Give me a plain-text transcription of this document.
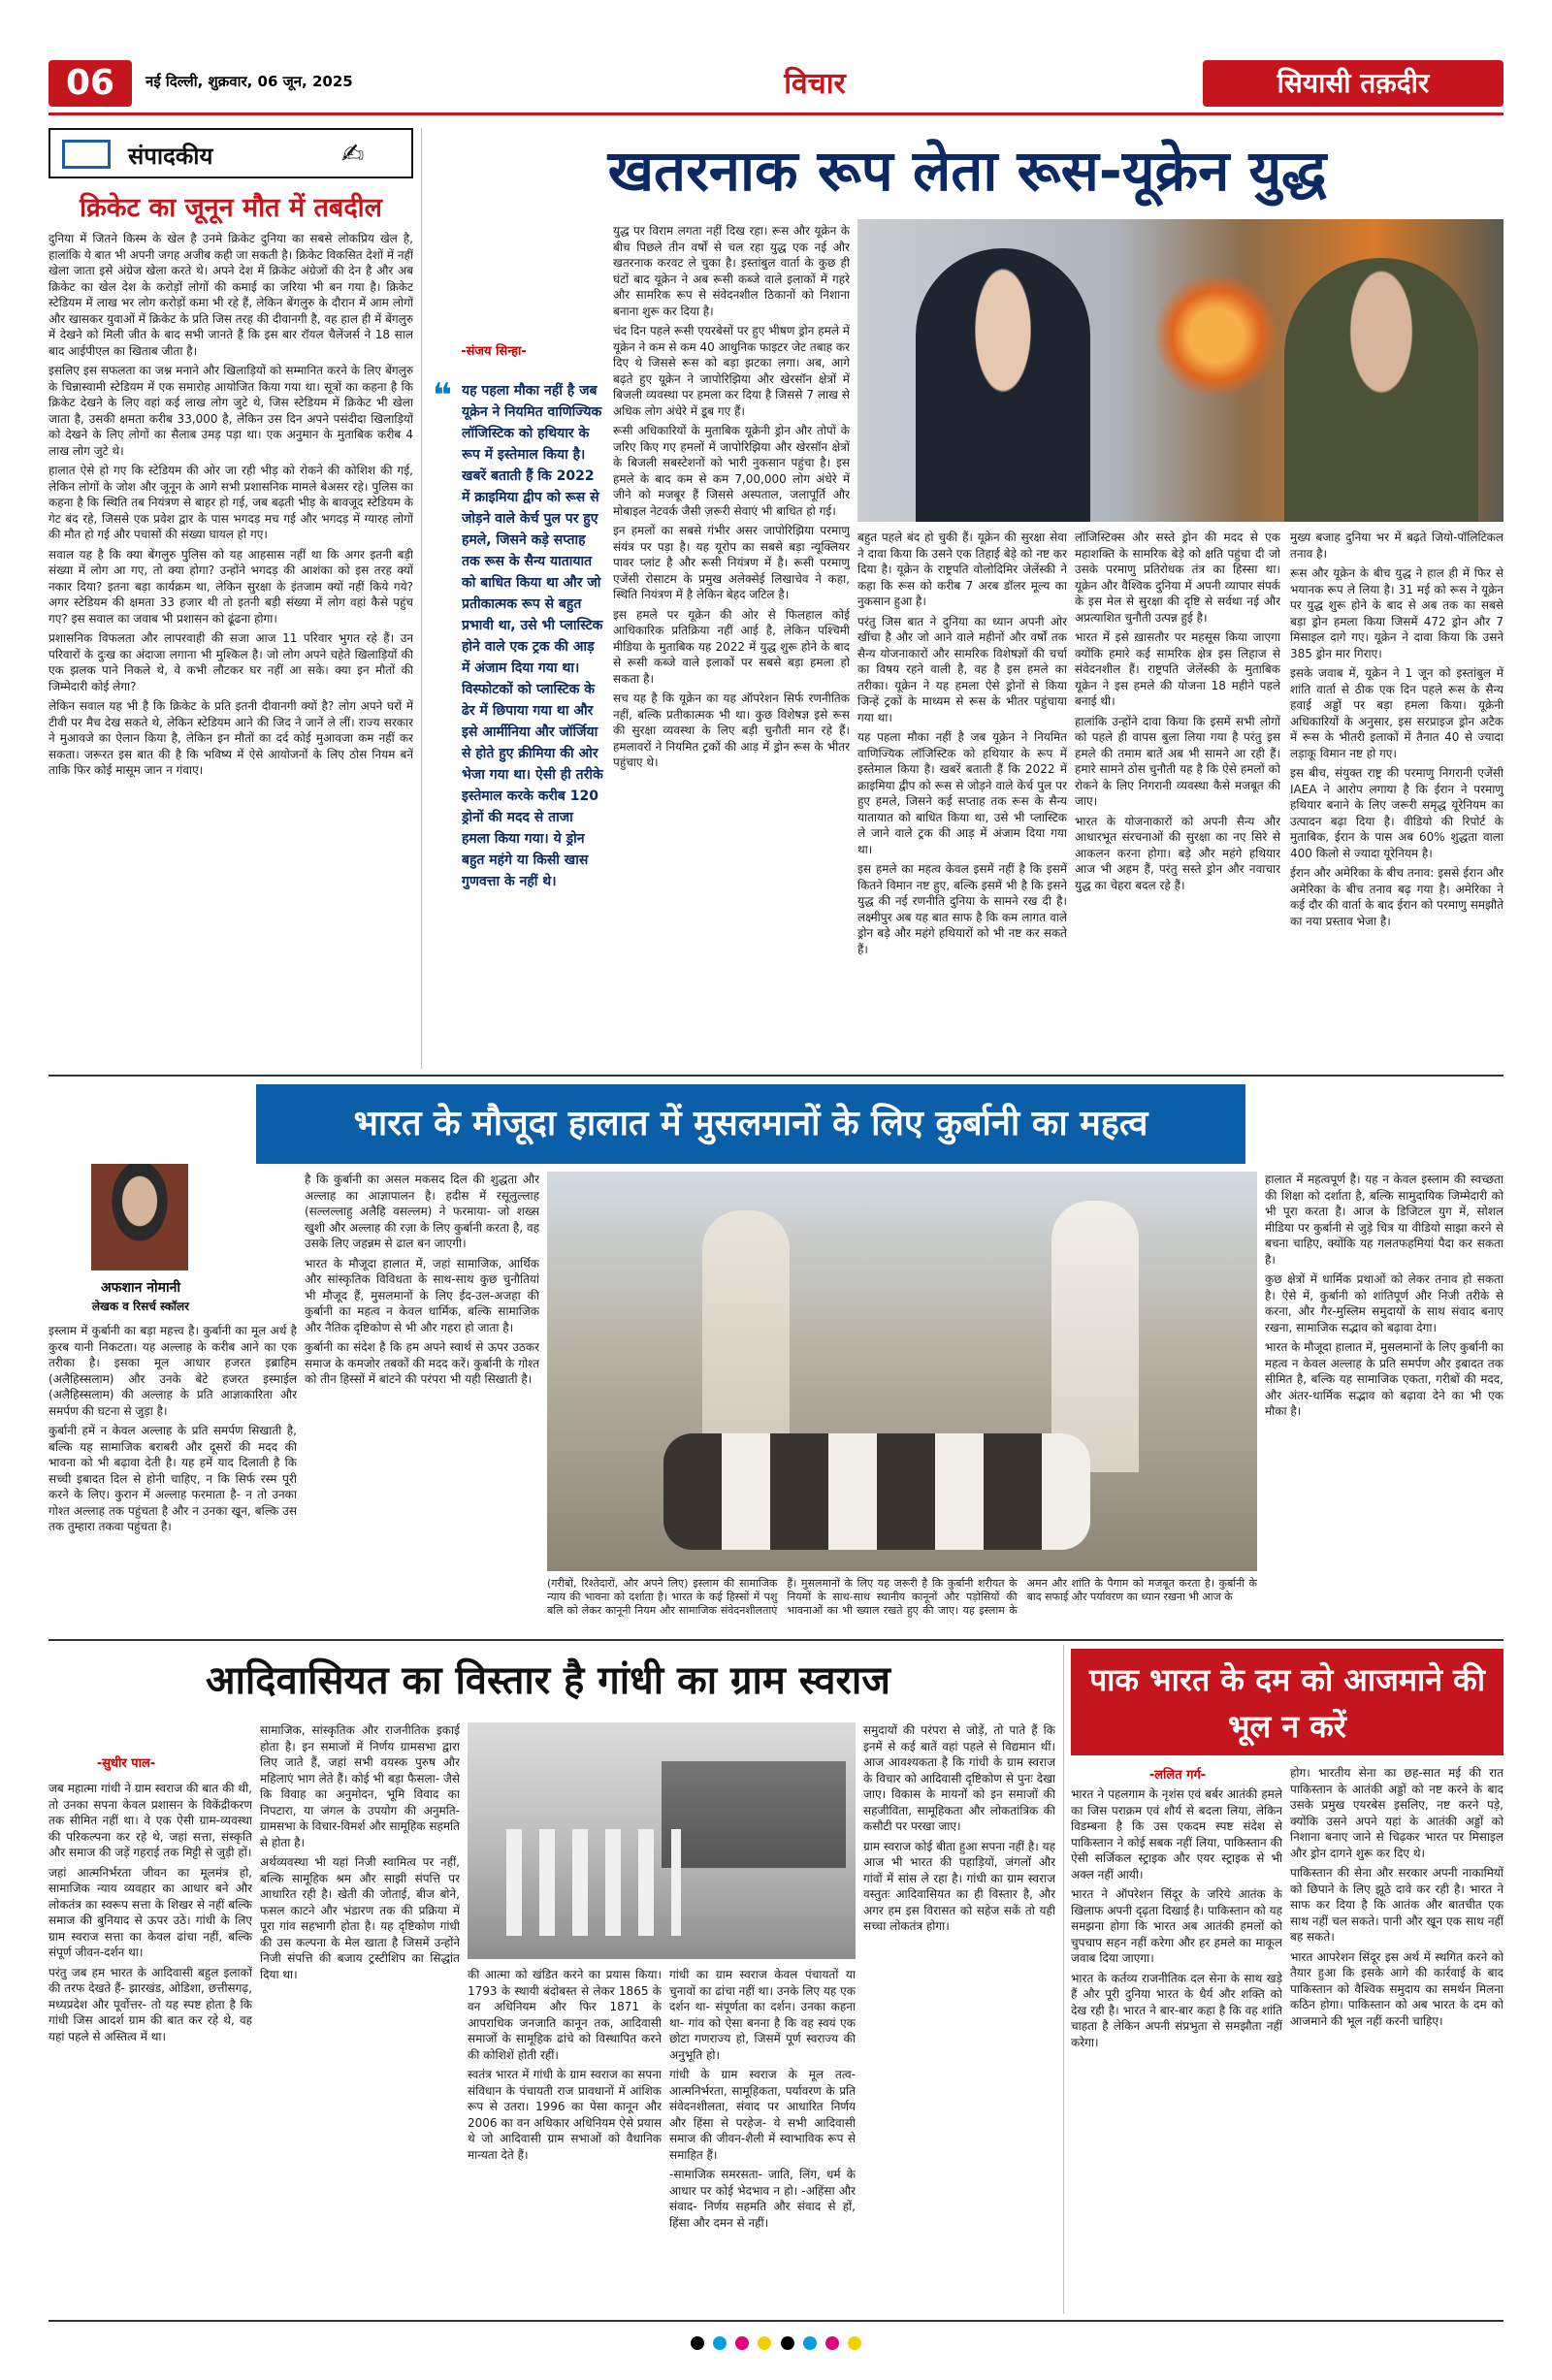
06	नई दिल्ली, शुक्रवार, 06 जून, 2025	विचार	सियासी तक़दीर
संपादकीय	✍
क्रिकेट का जूनून मौत में तबदील

दुनिया में जितने किस्म के खेल है उनमे क्रिकेट दुनिया का सबसे लोकप्रिय खेल है, हालांकि ये बात भी अपनी जगह अजीब कही जा सकती है। क्रिकेट विकसित देशों में नहीं खेला जाता इसे अंग्रेज खेला करते थे। अपने देश में क्रिकेट अंग्रेजों की देन है और अब क्रिकेट का खेल देश के करोड़ों लोगों की कमाई का जरिया भी बन गया है। क्रिकेट स्टेडियम में लाख भर लोग करोड़ों कमा भी रहे हैं, लेकिन बेंगलुरु के दौरान में आम लोगों और खासकर युवाओं में क्रिकेट के प्रति जिस तरह की दीवानगी है, वह हाल ही में बेंगलुरु में देखने को मिली जीत के बाद सभी जानते हैं कि इस बार रॉयल चैलेंजर्स ने 18 साल बाद आईपीएल का खिताब जीता है।

इसलिए इस सफलता का जश्न मनाने और खिलाड़ियों को सम्मानित करने के लिए बेंगलुरु के चिन्नास्वामी स्टेडियम में एक समारोह आयोजित किया गया था। सूत्रों का कहना है कि क्रिकेट देखने के लिए वहां कई लाख लोग जुटे थे, जिस स्टेडियम में क्रिकेट भी खेला जाता है, उसकी क्षमता करीब 33,000 है, लेकिन उस दिन अपने पसंदीदा खिलाड़ियों को देखने के लिए लोगों का सैलाब उमड़ पड़ा था। एक अनुमान के मुताबिक करीब 4 लाख लोग जुटे थे।

हालात ऐसे हो गए कि स्टेडियम की ओर जा रही भीड़ को रोकने की कोशिश की गई, लेकिन लोगों के जोश और जूनून के आगे सभी प्रशासनिक मामले बेअसर रहे। पुलिस का कहना है कि स्थिति तब नियंत्रण से बाहर हो गई, जब बढ़ती भीड़ के बावजूद स्टेडियम के गेट बंद रहे, जिससे एक प्रवेश द्वार के पास भगदड़ मच गई और भगदड़ में ग्यारह लोगों की मौत हो गई और पचासों की संख्या घायल हो गए।

सवाल यह है कि क्या बेंगलुरु पुलिस को यह आहसास नहीं था कि अगर इतनी बड़ी संख्या में लोग आ गए, तो क्या होगा? उन्होंने भगदड़ की आशंका को इस तरह क्यों नकार दिया? इतना बड़ा कार्यक्रम था, लेकिन सुरक्षा के इंतजाम क्यों नहीं किये गये? अगर स्टेडियम की क्षमता 33 हजार थी तो इतनी बड़ी संख्या में लोग वहां कैसे पहुंच गए? इस सवाल का जवाब भी प्रशासन को ढूंढना होगा।

प्रशासनिक विफलता और लापरवाही की सजा आज 11 परिवार भुगत रहे हैं। उन परिवारों के दुःख का अंदाजा लगाना भी मुश्किल है। जो लोग अपने चहेते खिलाड़ियों की एक झलक पाने निकले थे, वे कभी लौटकर घर नहीं आ सके। क्या इन मौतों की जिम्मेदारी कोई लेगा?

लेकिन सवाल यह भी है कि क्रिकेट के प्रति इतनी दीवानगी क्यों है? लोग अपने घरों में टीवी पर मैच देख सकते थे, लेकिन स्टेडियम आने की जिद ने जानें ले लीं। राज्य सरकार ने मुआवजे का ऐलान किया है, लेकिन इन मौतों का दर्द कोई मुआवजा कम नहीं कर सकता। जरूरत इस बात की है कि भविष्य में ऐसे आयोजनों के लिए ठोस नियम बनें ताकि फिर कोई मासूम जान न गंवाए।

खतरनाक रूप लेता रूस-यूक्रेन युद्ध
-संजय सिन्हा-
❝ यह पहला मौका नहीं है जब यूक्रेन ने नियमित वाणिज्यिक लॉजिस्टिक को हथियार के रूप में इस्तेमाल किया है। खबरें बताती हैं कि 2022 में क्राइमिया द्वीप को रूस से जोड़ने वाले केर्च पुल पर हुए हमले, जिसने कड़े सप्ताह तक रूस के सैन्य यातायात को बाधित किया था और जो प्रतीकात्मक रूप से बहुत प्रभावी था, उसे भी प्लास्टिक होने वाले एक ट्रक की आड़ में अंजाम दिया गया था। विस्फोटकों को प्लास्टिक के ढेर में छिपाया गया था और इसे आर्मीनिया और जॉर्जिया से होते हुए क्रीमिया की ओर भेजा गया था। ऐसी ही तरीके इस्तेमाल करके करीब 120 ड्रोनों की मदद से ताजा हमला किया गया। ये ड्रोन बहुत महंगे या किसी खास गुणवत्ता के नहीं थे।

युद्ध पर विराम लगता नहीं दिख रहा। रूस और यूक्रेन के बीच पिछले तीन वर्षों से चल रहा युद्ध एक नई और खतरनाक करवट ले चुका है। इस्तांबुल वार्ता के कुछ ही घंटों बाद यूक्रेन ने अब रूसी कब्जे वाले इलाकों में गहरे और सामरिक रूप से संवेदनशील ठिकानों को निशाना बनाना शुरू कर दिया है।

चंद दिन पहले रूसी एयरबेसों पर हुए भीषण ड्रोन हमले में यूक्रेन ने कम से कम 40 आधुनिक फाइटर जेट तबाह कर दिए थे जिससे रूस को बड़ा झटका लगा। अब, आगे बढ़ते हुए यूक्रेन ने जापोरिझिया और खेरसॉन क्षेत्रों में बिजली व्यवस्था पर हमला कर दिया है जिससे 7 लाख से अधिक लोग अंधेरे में डूब गए हैं।

रूसी अधिकारियों के मुताबिक यूक्रेनी ड्रोन और तोपों के जरिए किए गए हमलों में जापोरिझिया और खेरसॉन क्षेत्रों के बिजली सबस्टेशनों को भारी नुकसान पहुंचा है। इस हमले के बाद कम से कम 7,00,000 लोग अंधेरे में जीने को मजबूर हैं जिससे अस्पताल, जलापूर्ति और मोबाइल नेटवर्क जैसी ज़रूरी सेवाएं भी बाधित हो गई।

इन हमलों का सबसे गंभीर असर जापोरिझिया परमाणु संयंत्र पर पड़ा है। यह यूरोप का सबसे बड़ा न्यूक्लियर पावर प्लांट है और रूसी नियंत्रण में है। रूसी परमाणु एजेंसी रोसाटम के प्रमुख अलेक्सेई लिखाचेव ने कहा, स्थिति नियंत्रण में है लेकिन बेहद जटिल है।

इस हमले पर यूक्रेन की ओर से फिलहाल कोई आधिकारिक प्रतिक्रिया नहीं आई है, लेकिन पश्चिमी मीडिया के मुताबिक यह 2022 में युद्ध शुरू होने के बाद से रूसी कब्जे वाले इलाकों पर सबसे बड़ा हमला हो सकता है।

सच यह है कि यूक्रेन का यह ऑपरेशन सिर्फ रणनीतिक नहीं, बल्कि प्रतीकात्मक भी था। कुछ विशेषज्ञ इसे रूस की सुरक्षा व्यवस्था के लिए बड़ी चुनौती मान रहे हैं। हमलावरों ने नियमित ट्रकों की आड़ में ड्रोन रूस के भीतर पहुंचाए थे।

बहुत पहले बंद हो चुकी हैं। यूक्रेन की सुरक्षा सेवा ने दावा किया कि उसने एक तिहाई बेड़े को नष्ट कर दिया है। यूक्रेन के राष्ट्रपति वोलोदिमिर जेलेंस्की ने कहा कि रूस को करीब 7 अरब डॉलर मूल्य का नुकसान हुआ है।

परंतु जिस बात ने दुनिया का ध्यान अपनी ओर खींचा है और जो आने वाले महीनों और वर्षों तक सैन्य योजनाकारों और सामरिक विशेषज्ञों की चर्चा का विषय रहने वाली है, वह है इस हमले का तरीका। यूक्रेन ने यह हमला ऐसे ड्रोनों से किया जिन्हें ट्रकों के माध्यम से रूस के भीतर पहुंचाया गया था।

यह पहला मौका नहीं है जब यूक्रेन ने नियमित वाणिज्यिक लॉजिस्टिक को हथियार के रूप में इस्तेमाल किया है। खबरें बताती हैं कि 2022 में क्राइमिया द्वीप को रूस से जोड़ने वाले केर्च पुल पर हुए हमले, जिसने कई सप्ताह तक रूस के सैन्य यातायात को बाधित किया था, उसे भी प्लास्टिक ले जाने वाले ट्रक की आड़ में अंजाम दिया गया था।

इस हमले का महत्व केवल इसमें नहीं है कि इसमें कितने विमान नष्ट हुए, बल्कि इसमें भी है कि इसने युद्ध की नई रणनीति दुनिया के सामने रख दी है। लक्ष्मीपुर अब यह बात साफ है कि कम लागत वाले ड्रोन बड़े और महंगे हथियारों को भी नष्ट कर सकते हैं।

लॉजिस्टिक्स और सस्ते ड्रोन की मदद से एक महाशक्ति के सामरिक बेड़े को क्षति पहुंचा दी जो उसके परमाणु प्रतिरोधक तंत्र का हिस्सा था। यूक्रेन और वैश्विक दुनिया में अपनी व्यापार संपर्क के इस मेल से सुरक्षा की दृष्टि से सर्वथा नई और अप्रत्याशित चुनौती उत्पन्न हुई है।

भारत में इसे ख़ासतौर पर महसूस किया जाएगा क्योंकि हमारे कई सामरिक क्षेत्र इस लिहाज से संवेदनशील हैं। राष्ट्रपति जेलेंस्की के मुताबिक यूक्रेन ने इस हमले की योजना 18 महीने पहले बनाई थी।

हालांकि उन्होंने दावा किया कि इसमें सभी लोगों को पहले ही वापस बुला लिया गया है परंतु इस हमले की तमाम बातें अब भी सामने आ रही हैं। हमारे सामने ठोस चुनौती यह है कि ऐसे हमलों को रोकने के लिए निगरानी व्यवस्था कैसे मजबूत की जाए।

भारत के योजनाकारों को अपनी सैन्य और आधारभूत संरचनाओं की सुरक्षा का नए सिरे से आकलन करना होगा। बड़े और महंगे हथियार आज भी अहम हैं, परंतु सस्ते ड्रोन और नवाचार युद्ध का चेहरा बदल रहे हैं।

मुख्य बजाह दुनिया भर में बढ़ते जियो-पॉलिटिकल तनाव है।

रूस और यूक्रेन के बीच युद्ध ने हाल ही में फिर से भयानक रूप ले लिया है। 31 मई को रूस ने यूक्रेन पर युद्ध शुरू होने के बाद से अब तक का सबसे बड़ा ड्रोन हमला किया जिसमें 472 ड्रोन और 7 मिसाइल दागे गए। यूक्रेन ने दावा किया कि उसने 385 ड्रोन मार गिराए।

इसके जवाब में, यूक्रेन ने 1 जून को इस्तांबुल में शांति वार्ता से ठीक एक दिन पहले रूस के सैन्य हवाई अड्डों पर बड़ा हमला किया। यूक्रेनी अधिकारियों के अनुसार, इस सरप्राइज ड्रोन अटैक में रूस के भीतरी इलाकों में तैनात 40 से ज्यादा लड़ाकू विमान नष्ट हो गए।

इस बीच, संयुक्त राष्ट्र की परमाणु निगरानी एजेंसी IAEA ने आरोप लगाया है कि ईरान ने परमाणु हथियार बनाने के लिए जरूरी समृद्ध यूरेनियम का उत्पादन बढ़ा दिया है। वीडियो की रिपोर्ट के मुताबिक, ईरान के पास अब 60% शुद्धता वाला 400 किलो से ज्यादा यूरेनियम है।

ईरान और अमेरिका के बीच तनाव: इससे ईरान और अमेरिका के बीच तनाव बढ़ गया है। अमेरिका ने कई दौर की वार्ता के बाद ईरान को परमाणु समझौते का नया प्रस्ताव भेजा है।

भारत के मौजूदा हालात में मुसलमानों के लिए कुर्बानी का महत्व
अफशान नोमानी
लेखक व रिसर्च स्कॉलर

इस्लाम में कुर्बानी का बड़ा महत्त्व है। कुर्बानी का मूल अर्थ है कुरब यानी निकटता। यह अल्लाह के करीब आने का एक तरीका है। इसका मूल आधार हजरत इब्राहिम (अलैहिस्सलाम) और उनके बेटे हजरत इस्माईल (अलैहिस्सलाम) की अल्लाह के प्रति आज्ञाकारिता और समर्पण की घटना से जुड़ा है।

कुर्बानी हमें न केवल अल्लाह के प्रति समर्पण सिखाती है, बल्कि यह सामाजिक बराबरी और दूसरों की मदद की भावना को भी बढ़ावा देती है। यह हमें याद दिलाती है कि सच्ची इबादत दिल से होनी चाहिए, न कि सिर्फ रस्म पूरी करने के लिए। कुरान में अल्लाह फरमाता है- न तो उनका गोश्त अल्लाह तक पहुंचता है और न उनका खून, बल्कि उस तक तुम्हारा तकवा पहुंचता है।

है कि कुर्बानी का असल मकसद दिल की शुद्धता और अल्लाह का आज्ञापालन है। हदीस में रसूलुल्लाह (सल्लल्लाहु अलैहि वसल्लम) ने फरमाया- जो शख्स खुशी और अल्लाह की रज़ा के लिए कुर्बानी करता है, वह उसके लिए जहन्नम से ढाल बन जाएगी।

भारत के मौजूदा हालात में, जहां सामाजिक, आर्थिक और सांस्कृतिक विविधता के साथ-साथ कुछ चुनौतियां भी मौजूद हैं, मुसलमानों के लिए ईद-उल-अजहा की कुर्बानी का महत्व न केवल धार्मिक, बल्कि सामाजिक और नैतिक दृष्टिकोण से भी और गहरा हो जाता है।

कुर्बानी का संदेश है कि हम अपने स्वार्थ से ऊपर उठकर समाज के कमजोर तबकों की मदद करें। कुर्बानी के गोश्त को तीन हिस्सों में बांटने की परंपरा भी यही सिखाती है।

(गरीबों, रिश्तेदारों, और अपने लिए) इस्लाम की सामाजिक न्याय की भावना को दर्शाता है। भारत के कई हिस्सों में पशु बलि को लेकर कानूनी नियम और सामाजिक संवेदनशीलताएं हैं। मुसलमानों के लिए यह जरूरी है कि कुर्बानी शरीयत के नियमों के साथ-साथ स्थानीय कानूनों और पड़ोसियों की भावनाओं का भी ख्याल रखते हुए की जाए। यह इस्लाम के अमन और शांति के पैगाम को मजबूत करता है। कुर्बानी के बाद सफाई और पर्यावरण का ध्यान रखना भी आज के

हालात में महत्वपूर्ण है। यह न केवल इस्लाम की स्वच्छता की शिक्षा को दर्शाता है, बल्कि सामुदायिक जिम्मेदारी को भी पूरा करता है। आज के डिजिटल युग में, सोशल मीडिया पर कुर्बानी से जुड़े चित्र या वीडियो साझा करने से बचना चाहिए, क्योंकि यह गलतफहमियां पैदा कर सकता है।

कुछ क्षेत्रों में धार्मिक प्रथाओं को लेकर तनाव हो सकता है। ऐसे में, कुर्बानी को शांतिपूर्ण और निजी तरीके से करना, और गैर-मुस्लिम समुदायों के साथ संवाद बनाए रखना, सामाजिक सद्भाव को बढ़ावा देगा।

भारत के मौजूदा हालात में, मुसलमानों के लिए कुर्बानी का महत्व न केवल अल्लाह के प्रति समर्पण और इबादत तक सीमित है, बल्कि यह सामाजिक एकता, गरीबों की मदद, और अंतर-धार्मिक सद्भाव को बढ़ावा देने का भी एक मौका है।

आदिवासियत का विस्तार है गांधी का ग्राम स्वराज
-सुधीर पाल-

जब महात्मा गांधी ने ग्राम स्वराज की बात की थी, तो उनका सपना केवल प्रशासन के विकेंद्रीकरण तक सीमित नहीं था। वे एक ऐसी ग्राम-व्यवस्था की परिकल्पना कर रहे थे, जहां सत्ता, संस्कृति और समाज की जड़ें गहराई तक मिट्टी से जुड़ी हों।

जहां आत्मनिर्भरता जीवन का मूलमंत्र हो, सामाजिक न्याय व्यवहार का आधार बने और लोकतंत्र का स्वरूप सत्ता के शिखर से नहीं बल्कि समाज की बुनियाद से ऊपर उठे। गांधी के लिए ग्राम स्वराज सत्ता का केवल ढांचा नहीं, बल्कि संपूर्ण जीवन-दर्शन था।

परंतु जब हम भारत के आदिवासी बहुल इलाकों की तरफ देखते हैं- झारखंड, ओडिशा, छत्तीसगढ़, मध्यप्रदेश और पूर्वोत्तर- तो यह स्पष्ट होता है कि गांधी जिस आदर्श ग्राम की बात कर रहे थे, वह यहां पहले से अस्तित्व में था।

सामाजिक, सांस्कृतिक और राजनीतिक इकाई होता है। इन समाजों में निर्णय ग्रामसभा द्वारा लिए जाते हैं, जहां सभी वयस्क पुरुष और महिलाएं भाग लेते हैं। कोई भी बड़ा फैसला- जैसे कि विवाह का अनुमोदन, भूमि विवाद का निपटारा, या जंगल के उपयोग की अनुमति- ग्रामसभा के विचार-विमर्श और सामूहिक सहमति से होता है।

अर्थव्यवस्था भी यहां निजी स्वामित्व पर नहीं, बल्कि सामूहिक श्रम और साझी संपत्ति पर आधारित रही है। खेती की जोताई, बीज बोने, फसल काटने और भंडारण तक की प्रक्रिया में पूरा गांव सहभागी होता है। यह दृष्टिकोण गांधी की उस कल्पना के मेल खाता है जिसमें उन्होंने निजी संपत्ति की बजाय ट्रस्टीशिप का सिद्धांत दिया था।	की आत्मा को खंडित करने का प्रयास किया। 1793 के स्थायी बंदोबस्त से लेकर 1865 के वन अधिनियम और फिर 1871 के आपराधिक जनजाति कानून तक, आदिवासी समाजों के सामूहिक ढांचे को विस्थापित करने की कोशिशें होती रहीं।

स्वतंत्र भारत में गांधी के ग्राम स्वराज का सपना संविधान के पंचायती राज प्रावधानों में आंशिक रूप से उतरा। 1996 का पेसा कानून और 2006 का वन अधिकार अधिनियम ऐसे प्रयास थे जो आदिवासी ग्राम सभाओं को वैधानिक मान्यता देते हैं।

गांधी का ग्राम स्वराज केवल पंचायतों या चुनावों का ढांचा नहीं था। उनके लिए यह एक दर्शन था- संपूर्णता का दर्शन। उनका कहना था- गांव को ऐसा बनना है कि वह स्वयं एक छोटा गणराज्य हो, जिसमें पूर्ण स्वराज्य की अनुभूति हो।

गांधी के ग्राम स्वराज के मूल तत्व- आत्मनिर्भरता, सामूहिकता, पर्यावरण के प्रति संवेदनशीलता, संवाद पर आधारित निर्णय और हिंसा से परहेज- ये सभी आदिवासी समाज की जीवन-शैली में स्वाभाविक रूप से समाहित हैं।

-सामाजिक समरसता- जाति, लिंग, धर्म के आधार पर कोई भेदभाव न हो। -अहिंसा और संवाद- निर्णय सहमति और संवाद से हों, हिंसा और दमन से नहीं।

समुदायों की परंपरा से जोड़ें, तो पाते हैं कि इनमें से कई बातें वहां पहले से विद्यमान थीं। आज आवश्यकता है कि गांधी के ग्राम स्वराज के विचार को आदिवासी दृष्टिकोण से पुनः देखा जाए। विकास के मायनों को इन समाजों की सहजीविता, सामूहिकता और लोकतांत्रिक की कसौटी पर परखा जाए।

ग्राम स्वराज कोई बीता हुआ सपना नहीं है। यह आज भी भारत की पहाड़ियों, जंगलों और गांवों में सांस ले रहा है। गांधी का ग्राम स्वराज वस्तुतः आदिवासियत का ही विस्तार है, और अगर हम इस विरासत को सहेज सकें तो यही सच्चा लोकतंत्र होगा।

पाक भारत के दम को आजमाने की भूल न करें
-ललित गर्ग-

भारत ने पहलगाम के नृशंस एवं बर्बर आतंकी हमले का जिस पराक्रम एवं शौर्य से बदला लिया, लेकिन विडम्बना है कि उस एकदम स्पष्ट संदेश से पाकिस्तान ने कोई सबक नहीं लिया, पाकिस्तान की ऐसी सर्जिकल स्ट्राइक और एयर स्ट्राइक से भी अक्ल नहीं आयी।

भारत ने ऑपरेशन सिंदूर के जरिये आतंक के खिलाफ अपनी दृढ़ता दिखाई है। पाकिस्तान को यह समझना होगा कि भारत अब आतंकी हमलों को चुपचाप सहन नहीं करेगा और हर हमले का माकूल जवाब दिया जाएगा।

भारत के कर्तव्य राजनीतिक दल सेना के साथ खड़े हैं और पूरी दुनिया भारत के धैर्य और शक्ति को देख रही है। भारत ने बार-बार कहा है कि वह शांति चाहता है लेकिन अपनी संप्रभुता से समझौता नहीं करेगा।

होग। भारतीय सेना का छह-सात मई की रात पाकिस्तान के आतंकी अड्डों को नष्ट करने के बाद उसके प्रमुख एयरबेस इसलिए, नष्ट करने पड़े, क्योंकि उसने अपने यहां के आतंकी अड्डों को निशाना बनाए जाने से चिढ़कर भारत पर मिसाइल और ड्रोन दागने शुरू कर दिए थे।

पाकिस्तान की सेना और सरकार अपनी नाकामियों को छिपाने के लिए झूठे दावे कर रही है। भारत ने साफ कर दिया है कि आतंक और बातचीत एक साथ नहीं चल सकते। पानी और खून एक साथ नहीं बह सकते।

भारत आपरेशन सिंदूर इस अर्थ में स्थगित करने को तैयार हुआ कि इसके आगे की कार्रवाई के बाद पाकिस्तान को वैश्विक समुदाय का समर्थन मिलना कठिन होगा। पाकिस्तान को अब भारत के दम को आजमाने की भूल नहीं करनी चाहिए।
